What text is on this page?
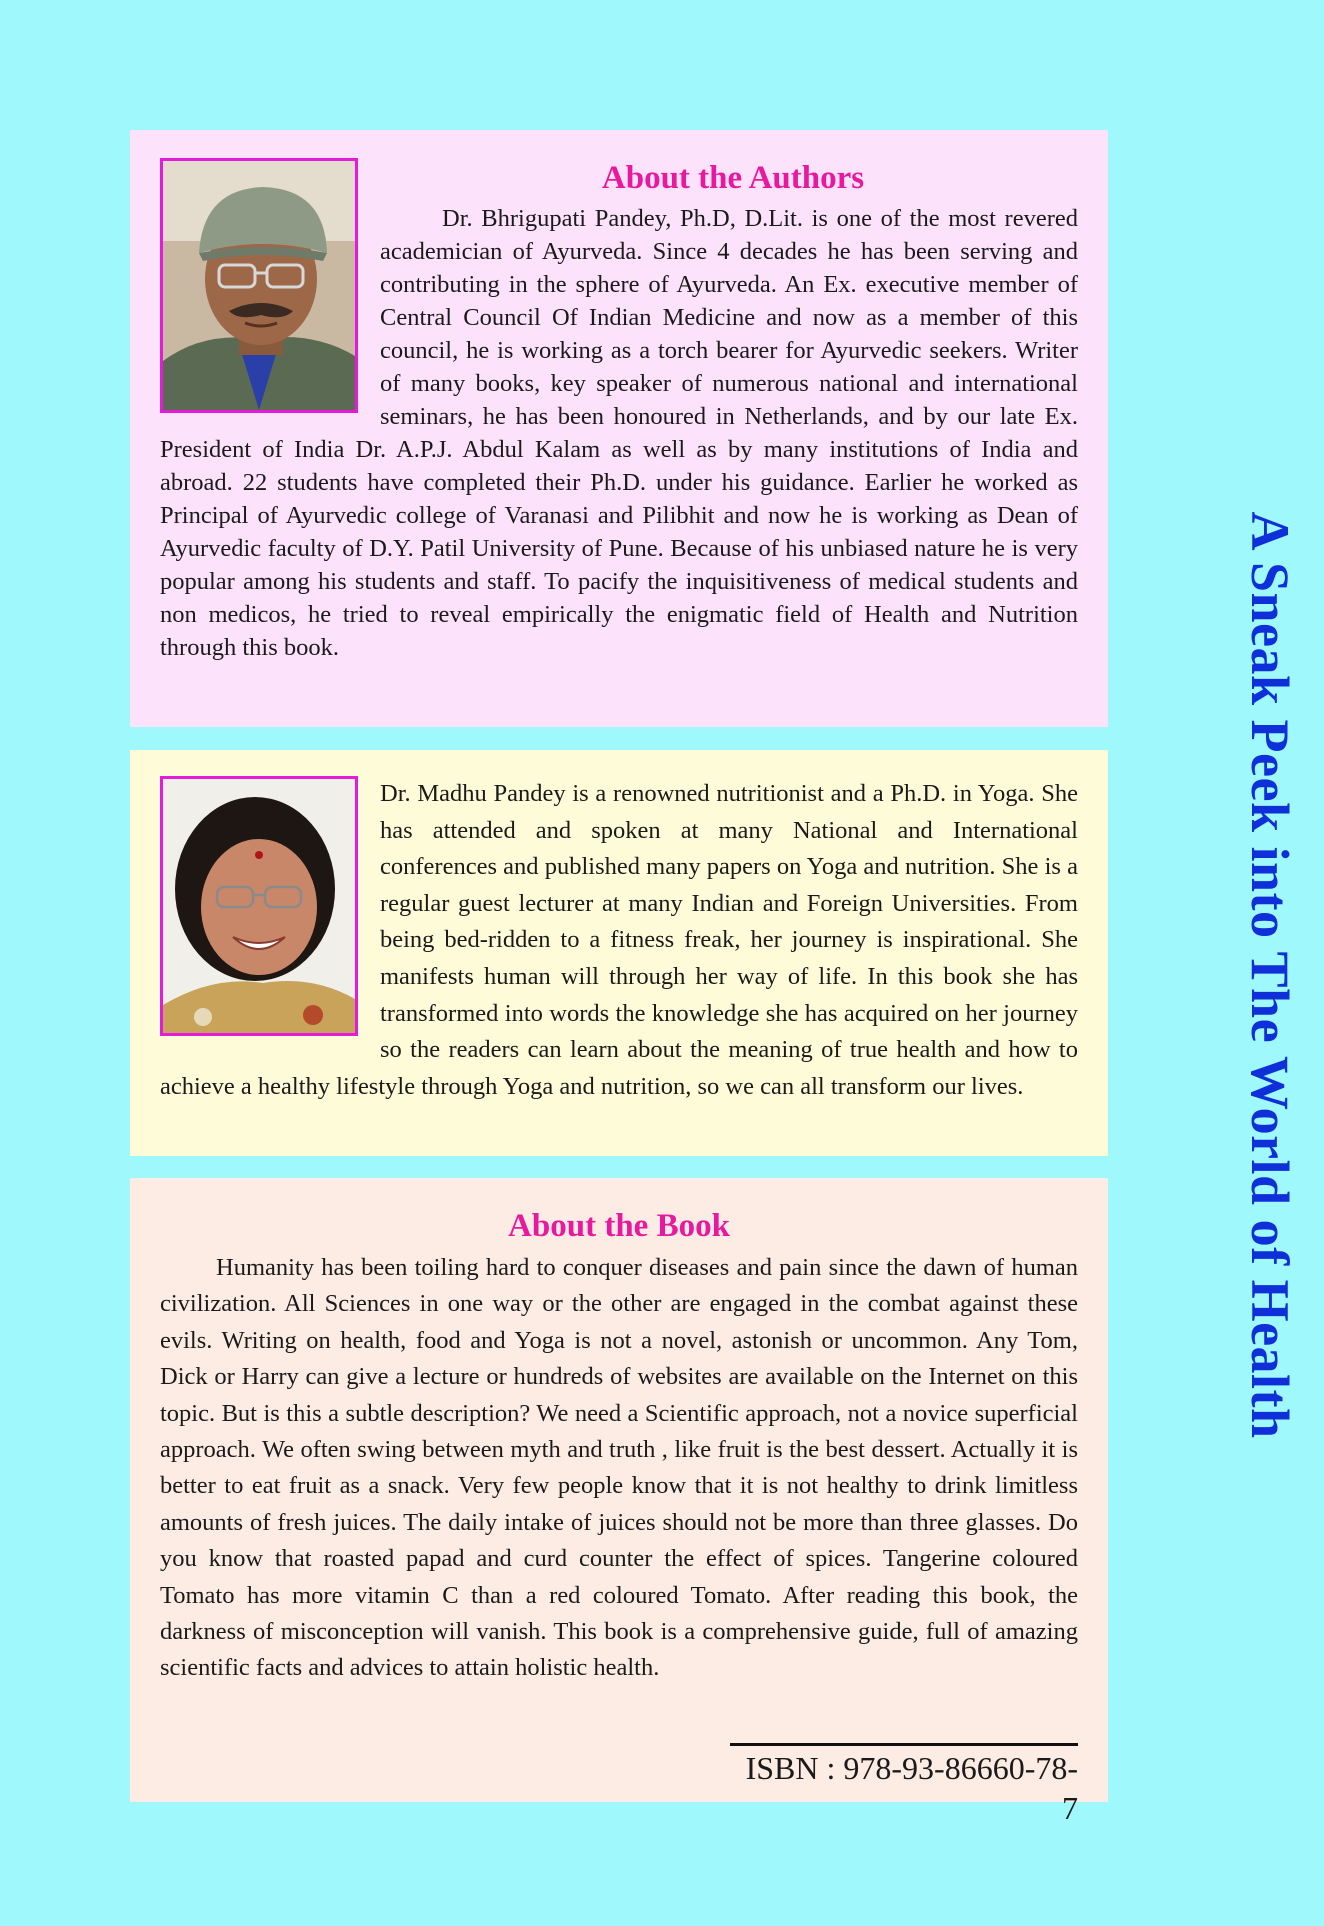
About the Authors

Dr. Bhrigupati Pandey, Ph.D, D.Lit. is one of the most revered academician of Ayurveda. Since 4 decades he has been serving and contributing in the sphere of Ayurveda. An Ex. executive member of Central Council Of Indian Medicine and now as a member of this council, he is working as a torch bearer for Ayurvedic seekers. Writer of many books, key speaker of numerous national and international seminars, he has been honoured in Netherlands, and by our late Ex. President of India Dr. A.P.J. Abdul Kalam as well as by many institutions of India and abroad. 22 students have completed their Ph.D. under his guidance. Earlier he worked as Principal of Ayurvedic college of Varanasi and Pilibhit and now he is working as Dean of Ayurvedic faculty of D.Y. Patil University of Pune. Because of his unbiased nature he is very popular among his students and staff. To pacify the inquisitiveness of medical students and non medicos, he tried to reveal empirically the enigmatic field of Health and Nutrition through this book.

Dr. Madhu Pandey is a renowned nutritionist and a Ph.D. in Yoga. She has attended and spoken at many National and International conferences and published many papers on Yoga and nutrition. She is a regular guest lecturer at many Indian and Foreign Universities. From being bed-ridden to a fitness freak, her journey is inspirational. She manifests human will through her way of life. In this book she has transformed into words the knowledge she has acquired on her journey so the readers can learn about the meaning of true health and how to achieve a healthy lifestyle through Yoga and nutrition, so we can all transform our lives.

About the Book

Humanity has been toiling hard to conquer diseases and pain since the dawn of human civilization. All Sciences in one way or the other are engaged in the combat against these evils. Writing on health, food and Yoga is not a novel, astonish or uncommon. Any Tom, Dick or Harry can give a lecture or hundreds of websites are available on the Internet on this topic. But is this a subtle description? We need a Scientific approach, not a novice superficial approach. We often swing between myth and truth , like fruit is the best dessert. Actually it is better to eat fruit as a snack. Very few people know that it is not healthy to drink limitless amounts of fresh juices. The daily intake of juices should not be more than three glasses. Do you know that roasted papad and curd counter the effect of spices. Tangerine coloured Tomato has more vitamin C than a red coloured Tomato. After reading this book, the darkness of misconception will vanish. This book is a comprehensive guide, full of amazing scientific facts and advices to attain holistic health.

ISBN : 978-93-86660-78-7
A Sneak Peek into The World of Health
